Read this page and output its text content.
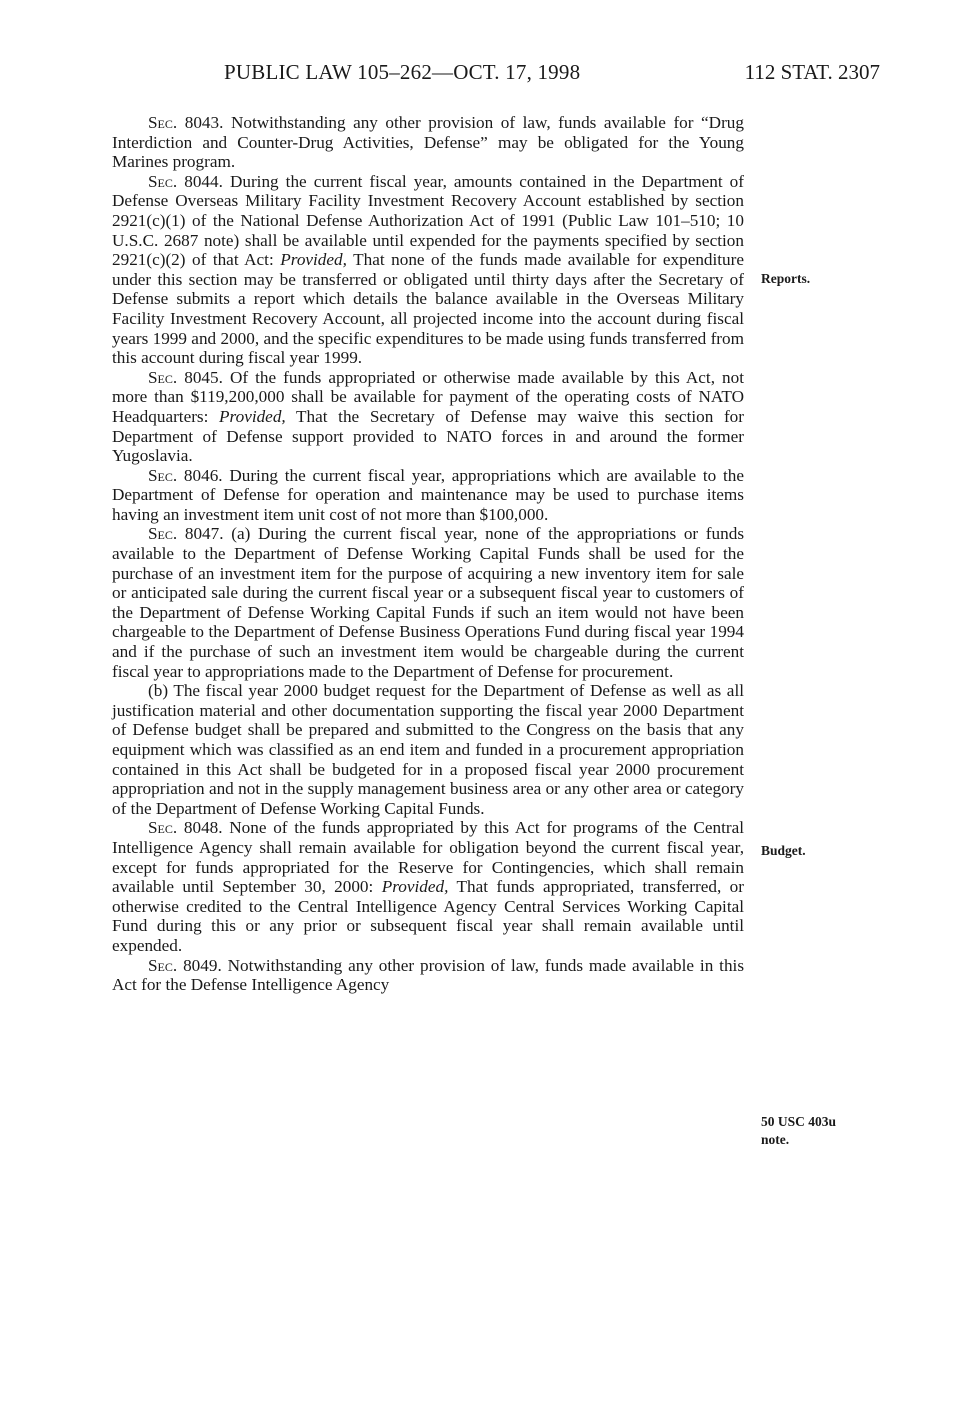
PUBLIC LAW 105–262—OCT. 17, 1998	112 STAT. 2307

Sec. 8043. Notwithstanding any other provision of law, funds available for “Drug Interdiction and Counter-Drug Activities, Defense” may be obligated for the Young Marines program.

Sec. 8044. During the current fiscal year, amounts contained in the Department of Defense Overseas Military Facility Investment Recovery Account established by section 2921(c)(1) of the National Defense Authorization Act of 1991 (Public Law 101–510; 10 U.S.C. 2687 note) shall be available until expended for the payments specified by section 2921(c)(2) of that Act: Provided, That none of the funds made available for expenditure under this section may be transferred or obligated until thirty days after the Secretary of Defense submits a report which details the balance available in the Overseas Military Facility Investment Recovery Account, all projected income into the account during fiscal years 1999 and 2000, and the specific expenditures to be made using funds transferred from this account during fiscal year 1999.

Sec. 8045. Of the funds appropriated or otherwise made available by this Act, not more than $119,200,000 shall be available for payment of the operating costs of NATO Headquarters: Provided, That the Secretary of Defense may waive this section for Department of Defense support provided to NATO forces in and around the former Yugoslavia.

Sec. 8046. During the current fiscal year, appropriations which are available to the Department of Defense for operation and maintenance may be used to purchase items having an investment item unit cost of not more than $100,000.

Sec. 8047. (a) During the current fiscal year, none of the appropriations or funds available to the Department of Defense Working Capital Funds shall be used for the purchase of an investment item for the purpose of acquiring a new inventory item for sale or anticipated sale during the current fiscal year or a subsequent fiscal year to customers of the Department of Defense Working Capital Funds if such an item would not have been chargeable to the Department of Defense Business Operations Fund during fiscal year 1994 and if the purchase of such an investment item would be chargeable during the current fiscal year to appropriations made to the Department of Defense for procurement.

(b) The fiscal year 2000 budget request for the Department of Defense as well as all justification material and other documentation supporting the fiscal year 2000 Department of Defense budget shall be prepared and submitted to the Congress on the basis that any equipment which was classified as an end item and funded in a procurement appropriation contained in this Act shall be budgeted for in a proposed fiscal year 2000 procurement appropriation and not in the supply management business area or any other area or category of the Department of Defense Working Capital Funds.

Sec. 8048. None of the funds appropriated by this Act for programs of the Central Intelligence Agency shall remain available for obligation beyond the current fiscal year, except for funds appropriated for the Reserve for Contingencies, which shall remain available until September 30, 2000: Provided, That funds appropriated, transferred, or otherwise credited to the Central Intelligence Agency Central Services Working Capital Fund during this or any prior or subsequent fiscal year shall remain available until expended.

Sec. 8049. Notwithstanding any other provision of law, funds made available in this Act for the Defense Intelligence Agency

Reports.
Budget.
50 USC 403u
note.
